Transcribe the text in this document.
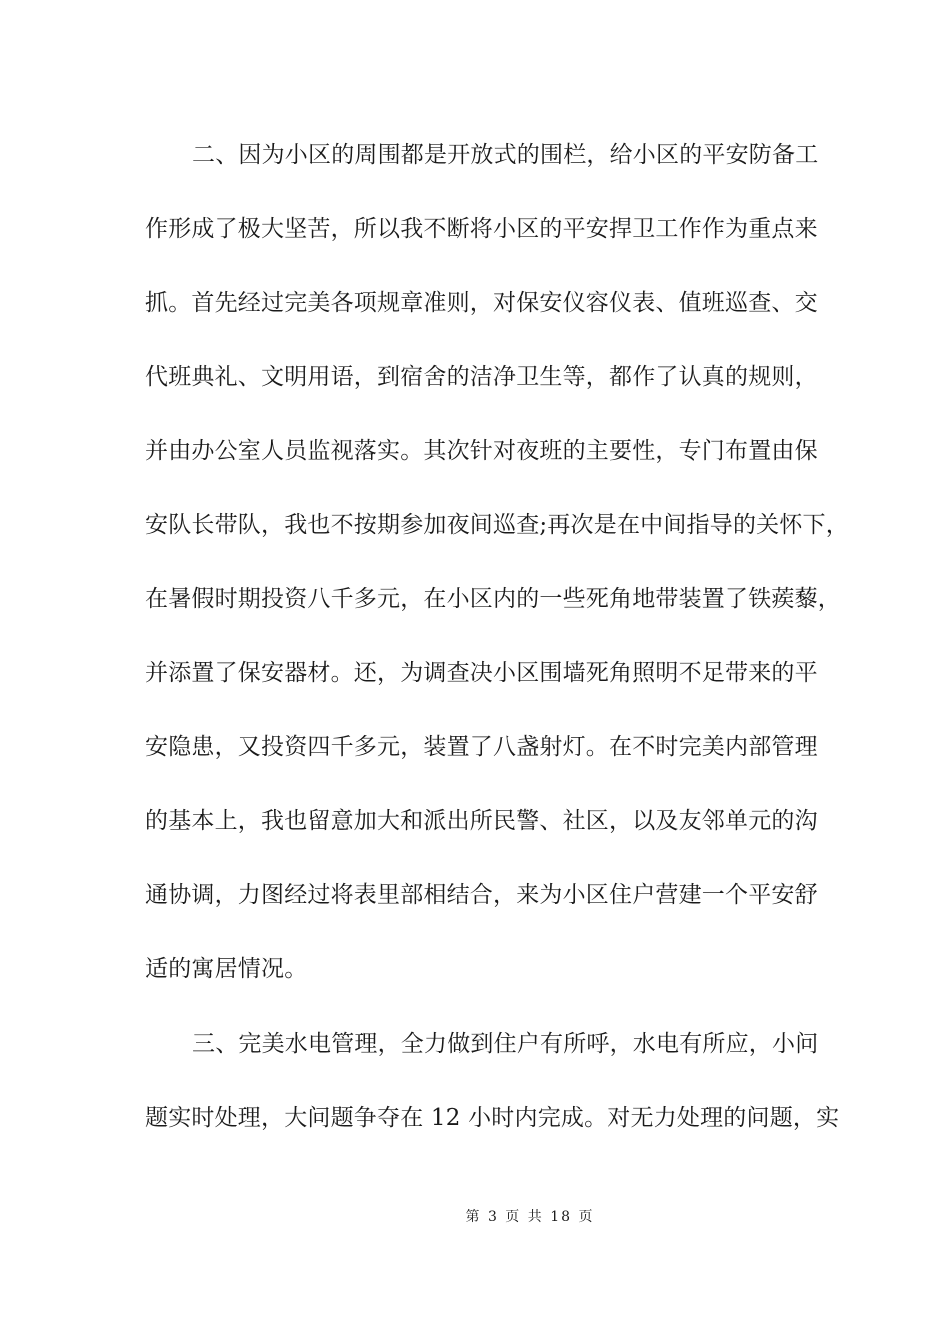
二、因为小区的周围都是开放式的围栏，给小区的平安防备工
作形成了极大坚苦，所以我不断将小区的平安捍卫工作作为重点来
抓。首先经过完美各项规章准则，对保安仪容仪表、值班巡查、交
代班典礼、文明用语，到宿舍的洁净卫生等，都作了认真的规则，
并由办公室人员监视落实。其次针对夜班的主要性，专门布置由保
安队长带队，我也不按期参加夜间巡查;再次是在中间指导的关怀下，
在暑假时期投资八千多元，在小区内的一些死角地带装置了铁蒺藜，
并添置了保安器材。还，为调查决小区围墙死角照明不足带来的平
安隐患，又投资四千多元，装置了八盏射灯。在不时完美内部管理
的基本上，我也留意加大和派出所民警、社区，以及友邻单元的沟
通协调，力图经过将表里部相结合，来为小区住户营建一个平安舒
适的寓居情况。
三、完美水电管理，全力做到住户有所呼，水电有所应，小问
题实时处理，大问题争夺在 12 小时内完成。对无力处理的问题，实
第 3 页 共 18 页
